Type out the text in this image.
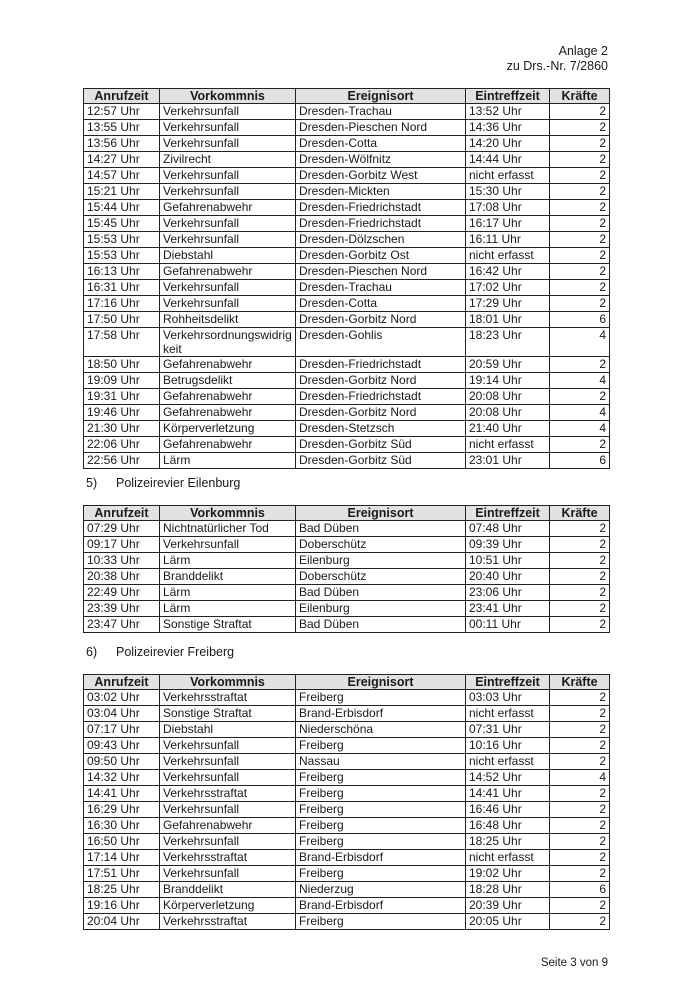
Anlage 2
zu Drs.-Nr. 7/2860
Anrufzeit	Vorkommnis	Ereignisort	Eintreffzeit	Kräfte
12:57 Uhr	Verkehrsunfall	Dresden-Trachau	13:52 Uhr	2
13:55 Uhr	Verkehrsunfall	Dresden-Pieschen Nord	14:36 Uhr	2
13:56 Uhr	Verkehrsunfall	Dresden-Cotta	14:20 Uhr	2
14:27 Uhr	Zivilrecht	Dresden-Wölfnitz	14:44 Uhr	2
14:57 Uhr	Verkehrsunfall	Dresden-Gorbitz West	nicht erfasst	2
15:21 Uhr	Verkehrsunfall	Dresden-Mickten	15:30 Uhr	2
15:44 Uhr	Gefahrenabwehr	Dresden-Friedrichstadt	17:08 Uhr	2
15:45 Uhr	Verkehrsunfall	Dresden-Friedrichstadt	16:17 Uhr	2
15:53 Uhr	Verkehrsunfall	Dresden-Dölzschen	16:11 Uhr	2
15:53 Uhr	Diebstahl	Dresden-Gorbitz Ost	nicht erfasst	2
16:13 Uhr	Gefahrenabwehr	Dresden-Pieschen Nord	16:42 Uhr	2
16:31 Uhr	Verkehrsunfall	Dresden-Trachau	17:02 Uhr	2
17:16 Uhr	Verkehrsunfall	Dresden-Cotta	17:29 Uhr	2
17:50 Uhr	Rohheitsdelikt	Dresden-Gorbitz Nord	18:01 Uhr	6
17:58 Uhr	Verkehrsordnungswidrigkeit	Dresden-Gohlis	18:23 Uhr	4
18:50 Uhr	Gefahrenabwehr	Dresden-Friedrichstadt	20:59 Uhr	2
19:09 Uhr	Betrugsdelikt	Dresden-Gorbitz Nord	19:14 Uhr	4
19:31 Uhr	Gefahrenabwehr	Dresden-Friedrichstadt	20:08 Uhr	2
19:46 Uhr	Gefahrenabwehr	Dresden-Gorbitz Nord	20:08 Uhr	4
21:30 Uhr	Körperverletzung	Dresden-Stetzsch	21:40 Uhr	4
22:06 Uhr	Gefahrenabwehr	Dresden-Gorbitz Süd	nicht erfasst	2
22:56 Uhr	Lärm	Dresden-Gorbitz Süd	23:01 Uhr	6
5) Polizeirevier Eilenburg
Anrufzeit	Vorkommnis	Ereignisort	Eintreffzeit	Kräfte
07:29 Uhr	Nichtnatürlicher Tod	Bad Düben	07:48 Uhr	2
09:17 Uhr	Verkehrsunfall	Doberschütz	09:39 Uhr	2
10:33 Uhr	Lärm	Eilenburg	10:51 Uhr	2
20:38 Uhr	Branddelikt	Doberschütz	20:40 Uhr	2
22:49 Uhr	Lärm	Bad Düben	23:06 Uhr	2
23:39 Uhr	Lärm	Eilenburg	23:41 Uhr	2
23:47 Uhr	Sonstige Straftat	Bad Düben	00:11 Uhr	2
6) Polizeirevier Freiberg
Anrufzeit	Vorkommnis	Ereignisort	Eintreffzeit	Kräfte
03:02 Uhr	Verkehrsstraftat	Freiberg	03:03 Uhr	2
03:04 Uhr	Sonstige Straftat	Brand-Erbisdorf	nicht erfasst	2
07:17 Uhr	Diebstahl	Niederschöna	07:31 Uhr	2
09:43 Uhr	Verkehrsunfall	Freiberg	10:16 Uhr	2
09:50 Uhr	Verkehrsunfall	Nassau	nicht erfasst	2
14:32 Uhr	Verkehrsunfall	Freiberg	14:52 Uhr	4
14:41 Uhr	Verkehrsstraftat	Freiberg	14:41 Uhr	2
16:29 Uhr	Verkehrsunfall	Freiberg	16:46 Uhr	2
16:30 Uhr	Gefahrenabwehr	Freiberg	16:48 Uhr	2
16:50 Uhr	Verkehrsunfall	Freiberg	18:25 Uhr	2
17:14 Uhr	Verkehrsstraftat	Brand-Erbisdorf	nicht erfasst	2
17:51 Uhr	Verkehrsunfall	Freiberg	19:02 Uhr	2
18:25 Uhr	Branddelikt	Niederzug	18:28 Uhr	6
19:16 Uhr	Körperverletzung	Brand-Erbisdorf	20:39 Uhr	2
20:04 Uhr	Verkehrsstraftat	Freiberg	20:05 Uhr	2
Seite 3 von 9
